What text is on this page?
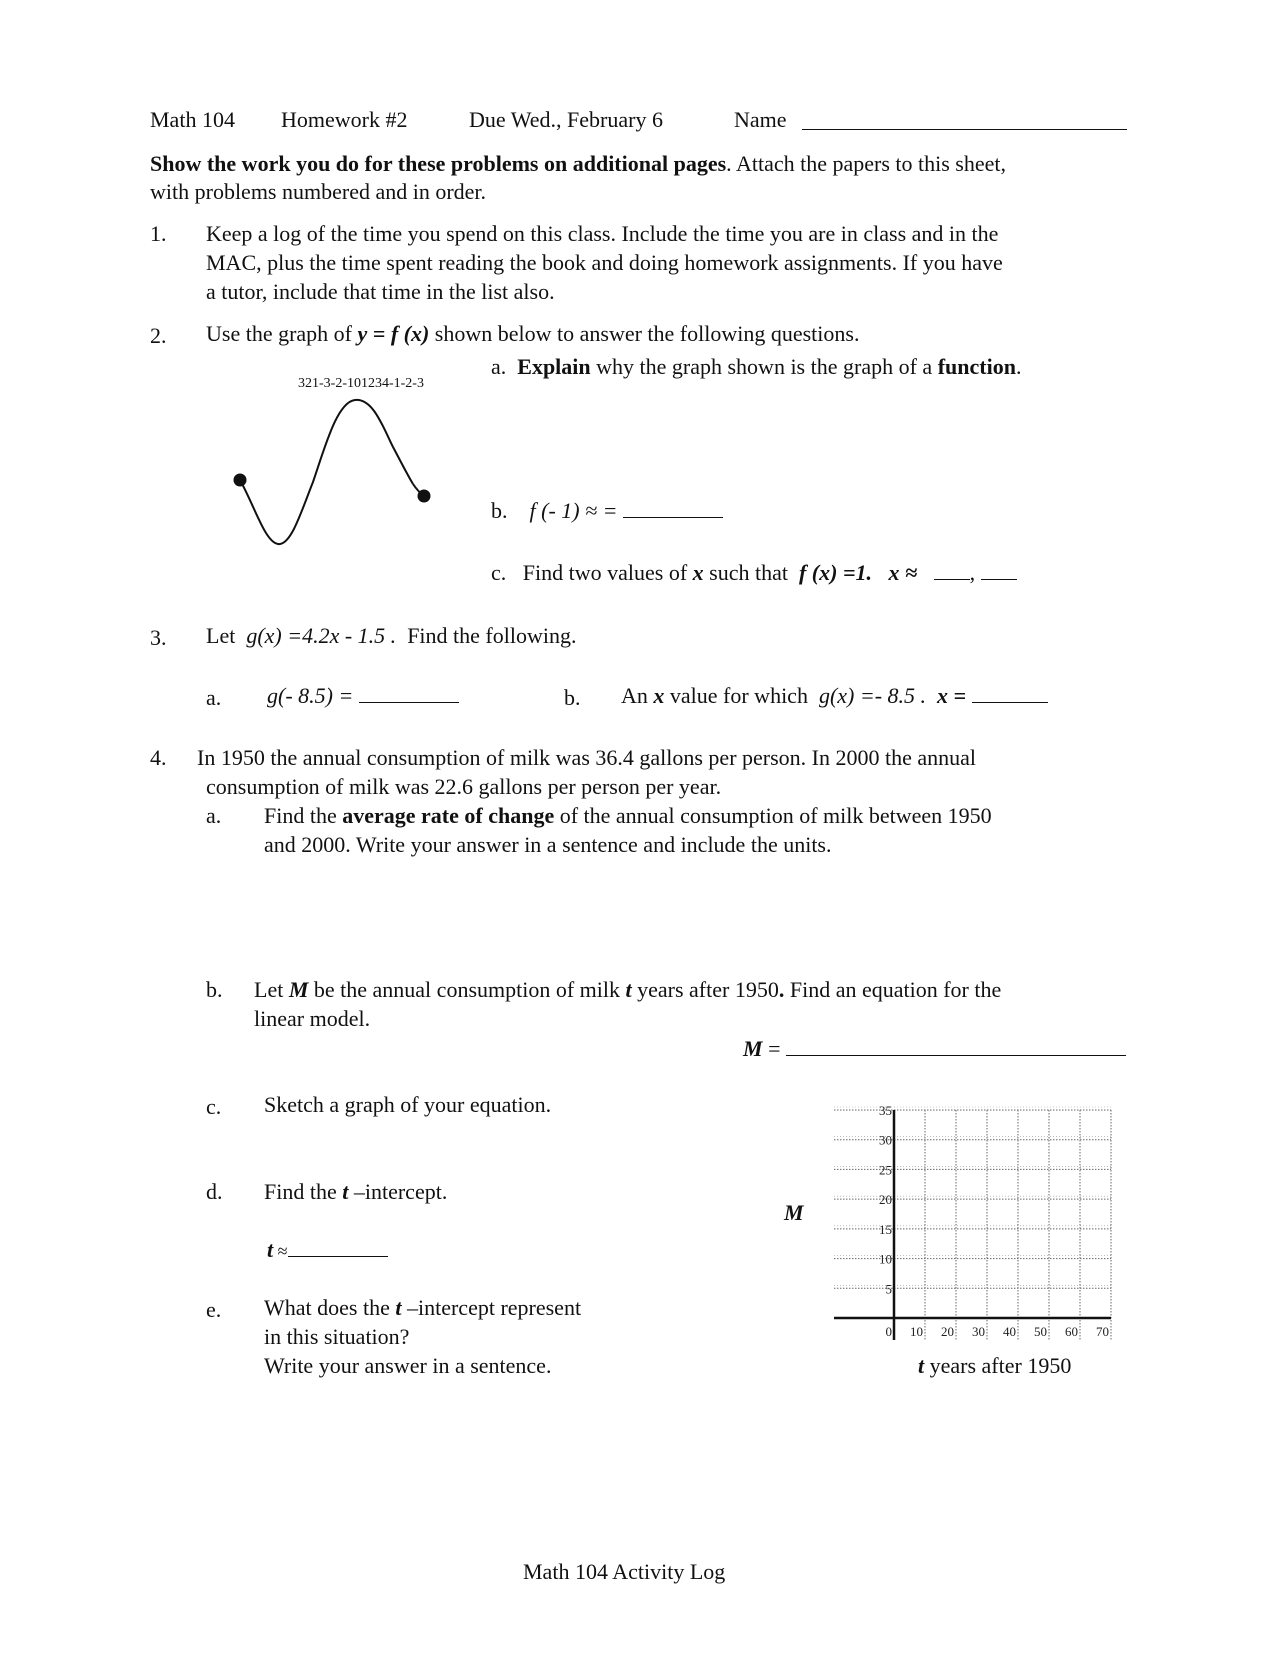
Math 104 Homework #2	Due Wed., February 6	Name
Show the work you do for these problems on additional pages. Attach the papers to this sheet,
with problems numbered and in order.
1. Keep a log of the time you spend on this class. Include the time you are in class and in the
MAC, plus the time spent reading the book and doing homework assignments. If you have
a tutor, include that time in the list also.
2. Use the graph of y = f (x) shown below to answer the following questions.
321-3-2-101234-1-2-3
a. Explain why the graph shown is the graph of a function.
b. f (- 1) ≈ =
c. Find two values of x such that f (x) =1. x ≈ ,
3. Let g(x) =4.2x - 1.5 . Find the following.
a. g(- 8.5) =	b. An x value for which g(x) =- 8.5 . x =
4. In 1950 the annual consumption of milk was 36.4 gallons per person. In 2000 the annual
consumption of milk was 22.6 gallons per person per year.
a. Find the average rate of change of the annual consumption of milk between 1950
and 2000. Write your answer in a sentence and include the units.
b. Let M be the annual consumption of milk t years after 1950. Find an equation for the
linear model.
M =
c. Sketch a graph of your equation.
d. Find the t –intercept.
t ≈
e. What does the t –intercept represent
in this situation?
Write your answer in a sentence.
M
5
10
15
20
25
30
35
0 10 20 30 40 50 60 70
t years after 1950
Math 104 Activity Log
